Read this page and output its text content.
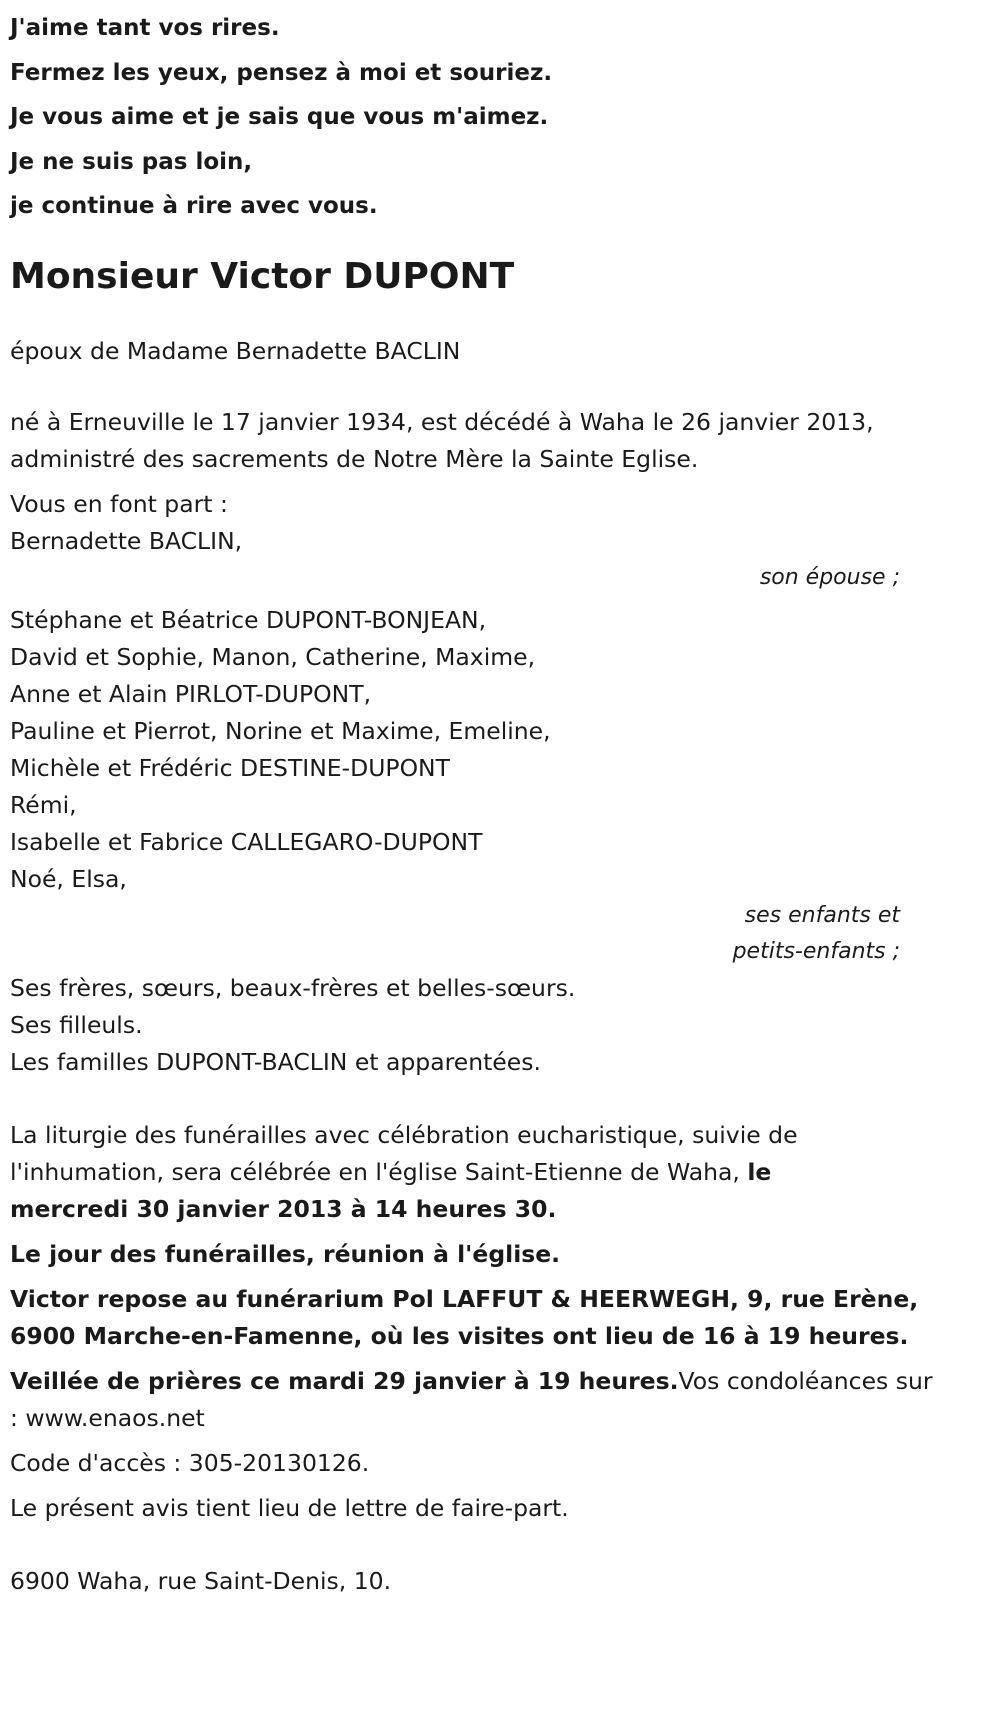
J'aime tant vos rires.
Fermez les yeux, pensez à moi et souriez.
Je vous aime et je sais que vous m'aimez.
Je ne suis pas loin,
je continue à rire avec vous.
Monsieur Victor DUPONT
époux de Madame Bernadette BACLIN
né à Erneuville le 17 janvier 1934, est décédé à Waha le 26 janvier 2013,
administré des sacrements de Notre Mère la Sainte Eglise.
Vous en font part :
Bernadette BACLIN,
son épouse ;
Stéphane et Béatrice DUPONT-BONJEAN,
David et Sophie, Manon, Catherine, Maxime,
Anne et Alain PIRLOT-DUPONT,
Pauline et Pierrot, Norine et Maxime, Emeline,
Michèle et Frédéric DESTINE-DUPONT
Rémi,
Isabelle et Fabrice CALLEGARO-DUPONT
Noé, Elsa,
ses enfants et
petits-enfants ;
Ses frères, sœurs, beaux-frères et belles-sœurs.
Ses filleuls.
Les familles DUPONT-BACLIN et apparentées.
La liturgie des funérailles avec célébration eucharistique, suivie de
l'inhumation, sera célébrée en l'église Saint-Etienne de Waha, le
mercredi 30 janvier 2013 à 14 heures 30.
Le jour des funérailles, réunion à l'église.
Victor repose au funérarium Pol LAFFUT & HEERWEGH, 9, rue Erène,
6900 Marche-en-Famenne, où les visites ont lieu de 16 à 19 heures.
Veillée de prières ce mardi 29 janvier à 19 heures.Vos condoléances sur
: www.enaos.net
Code d'accès : 305-20130126.
Le présent avis tient lieu de lettre de faire-part.
6900 Waha, rue Saint-Denis, 10.
